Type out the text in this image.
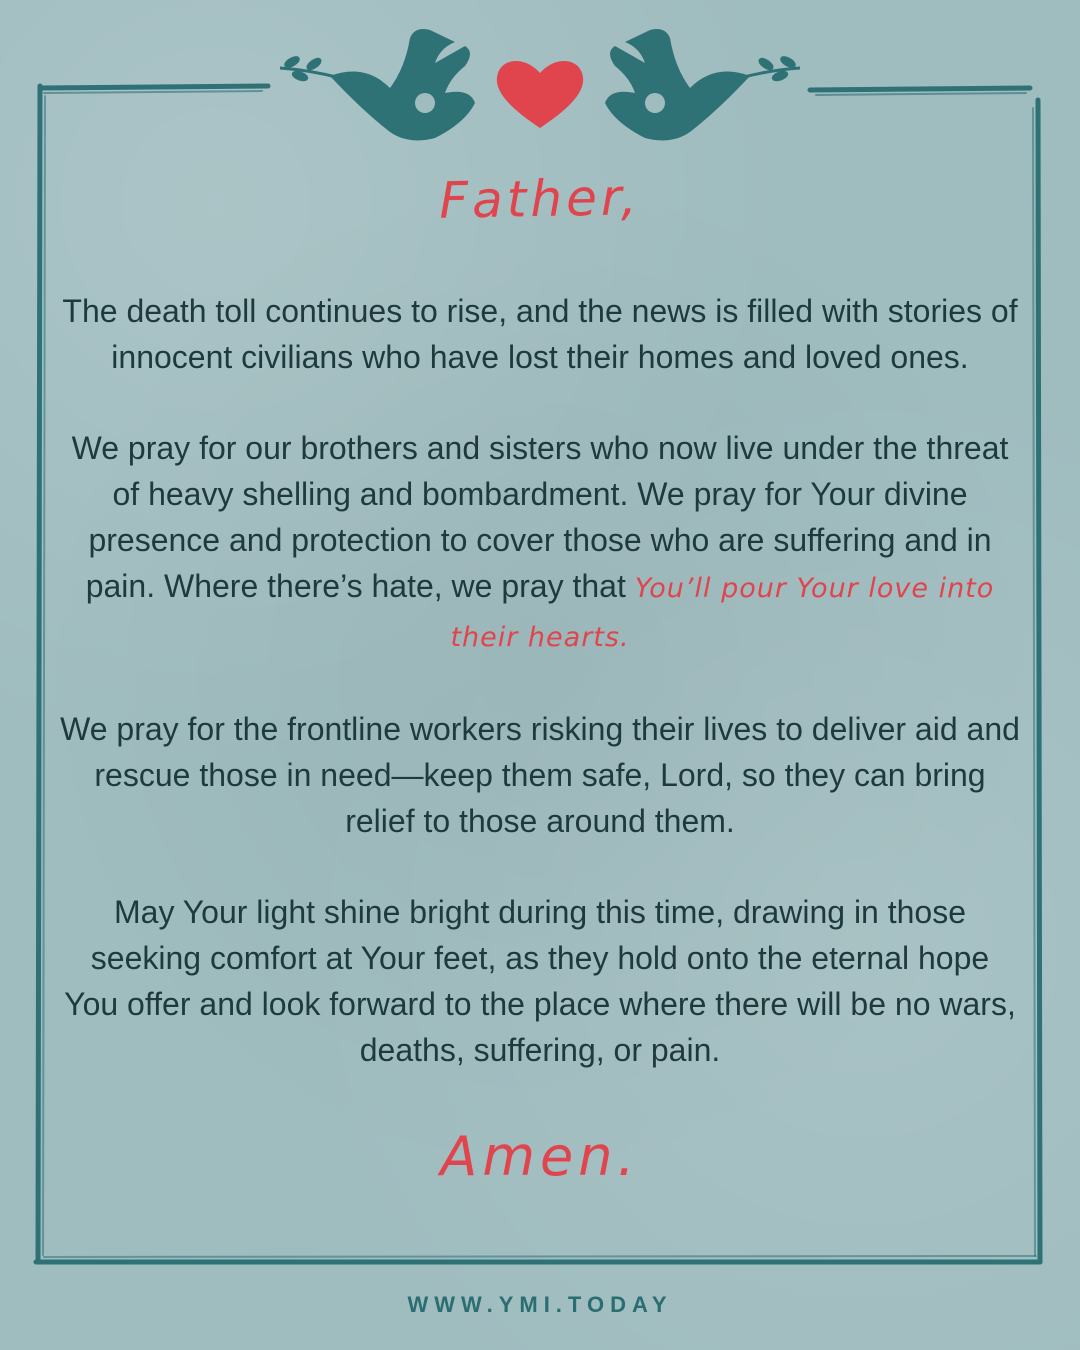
Father,

The death toll continues to rise, and the news is filled with stories of innocent civilians who have lost their homes and loved ones.

We pray for our brothers and sisters who now live under the threat of heavy shelling and bombardment. We pray for Your divine presence and protection to cover those who are suffering and in pain. Where there’s hate, we pray that You’ll pour Your love into their hearts.

We pray for the frontline workers risking their lives to deliver aid and rescue those in need—keep them safe, Lord, so they can bring relief to those around them.

May Your light shine bright during this time, drawing in those seeking comfort at Your feet, as they hold onto the eternal hope You offer and look forward to the place where there will be no wars, deaths, suffering, or pain.

Amen.
WWW.YMI.TODAY
